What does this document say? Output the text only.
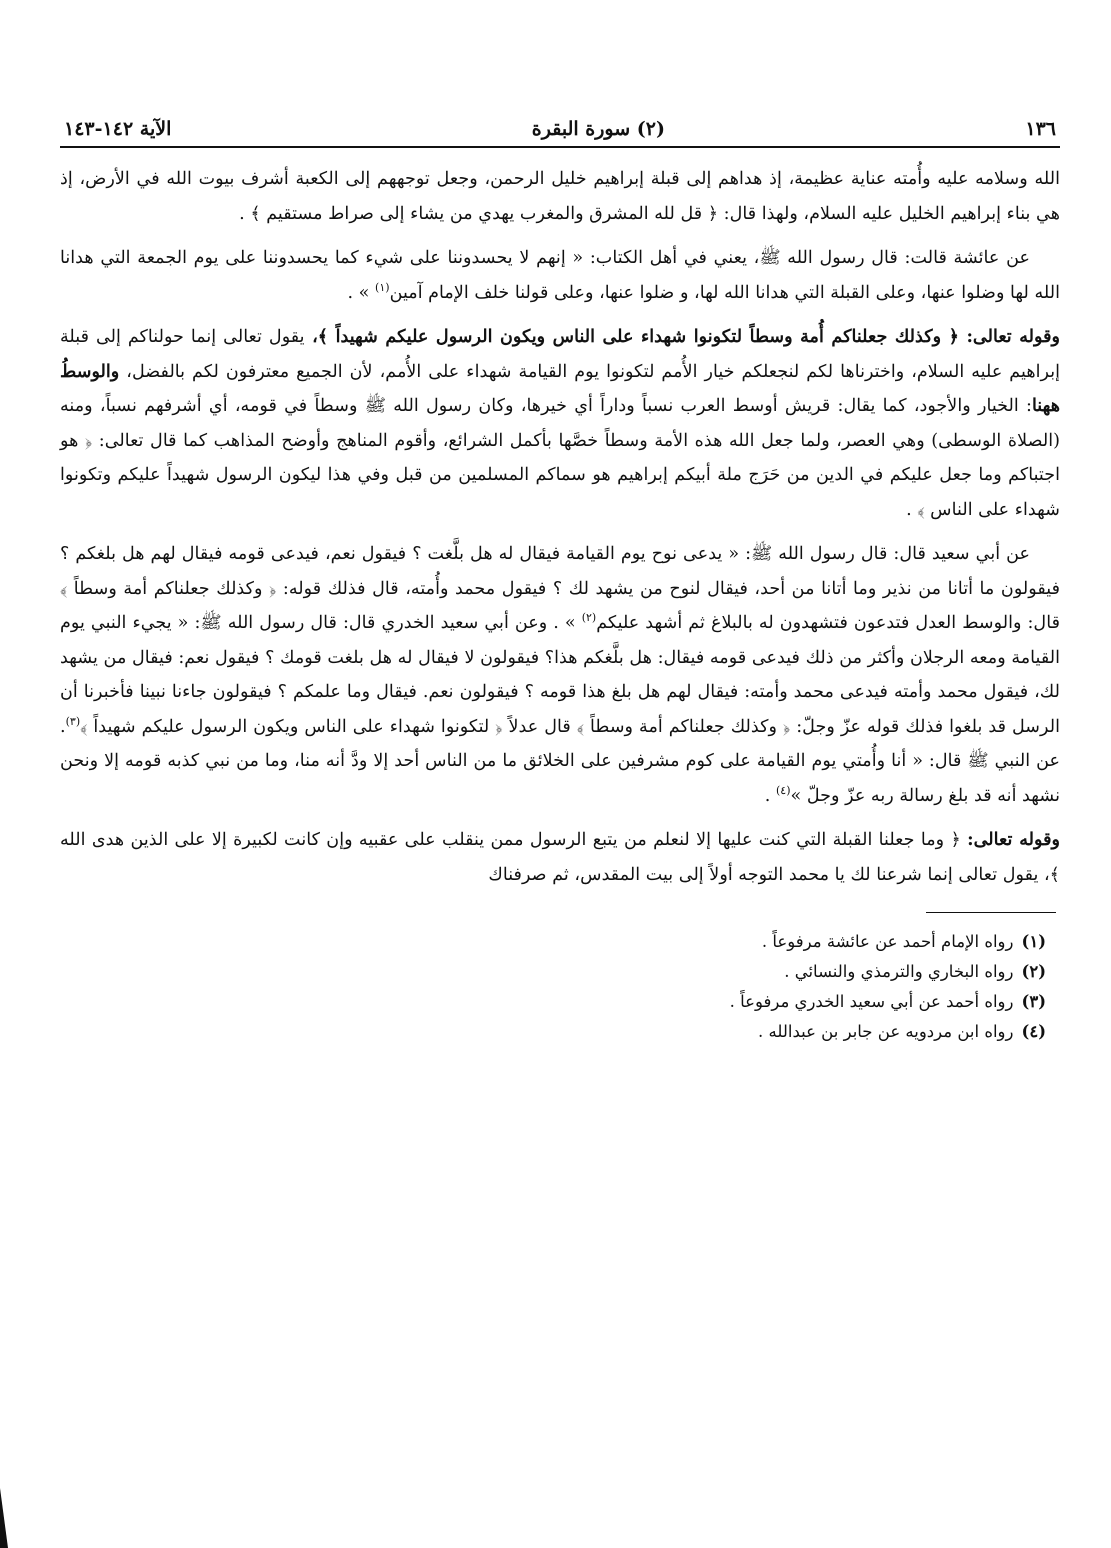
١٣٦
(٢) سورة البقرة
الآية ١٤٢-١٤٣

الله وسلامه عليه وأُمته عناية عظيمة، إذ هداهم إلى قبلة إبراهيم خليل الرحمن، وجعل توجههم إلى الكعبة أشرف بيوت الله في الأرض، إذ هي بناء إبراهيم الخليل عليه السلام، ولهذا قال: ﴿ قل لله المشرق والمغرب يهدي من يشاء إلى صراط مستقيم ﴾ .

عن عائشة قالت: قال رسول الله ﷺ، يعني في أهل الكتاب: « إنهم لا يحسدوننا على شيء كما يحسدوننا على يوم الجمعة التي هدانا الله لها وضلوا عنها، وعلى القبلة التي هدانا الله لها، و ضلوا عنها، وعلى قولنا خلف الإمام آمين$^{(١)}$ » .

وقوله تعالى: ﴿ وكذلك جعلناكم أُمة وسطاً لتكونوا شهداء على الناس ويكون الرسول عليكم شهيداً ﴾، يقول تعالى إنما حولناكم إلى قبلة إبراهيم عليه السلام، واخترناها لكم لنجعلكم خيار الأُمم لتكونوا يوم القيامة شهداء على الأُمم، لأن الجميع معترفون لكم بالفضل، والوسطُ ههنا: الخيار والأجود، كما يقال: قريش أوسط العرب نسباً وداراً أي خيرها، وكان رسول الله ﷺ وسطاً في قومه، أي أشرفهم نسباً، ومنه (الصلاة الوسطى) وهي العصر، ولما جعل الله هذه الأمة وسطاً خصَّها بأكمل الشرائع، وأقوم المناهج وأوضح المذاهب كما قال تعالى: ﴿ هو اجتباكم وما جعل عليكم في الدين من حَرَج ملة أبيكم إبراهيم هو سماكم المسلمين من قبل وفي هذا ليكون الرسول شهيداً عليكم وتكونوا شهداء على الناس ﴾ .

عن أبي سعيد قال: قال رسول الله ﷺ: « يدعى نوح يوم القيامة فيقال له هل بلَّغت ؟ فيقول نعم، فيدعى قومه فيقال لهم هل بلغكم ؟ فيقولون ما أتانا من نذير وما أتانا من أحد، فيقال لنوح من يشهد لك ؟ فيقول محمد وأُمته، قال فذلك قوله: ﴿ وكذلك جعلناكم أمة وسطاً ﴾ قال: والوسط العدل فتدعون فتشهدون له بالبلاغ ثم أشهد عليكم$^{(٢)}$ » . وعن أبي سعيد الخدري قال: قال رسول الله ﷺ: « يجيء النبي يوم القيامة ومعه الرجلان وأكثر من ذلك فيدعى قومه فيقال: هل بلَّغكم هذا؟ فيقولون لا فيقال له هل بلغت قومك ؟ فيقول نعم: فيقال من يشهد لك، فيقول محمد وأمته فيدعى محمد وأمته: فيقال لهم هل بلغ هذا قومه ؟ فيقولون نعم. فيقال وما علمكم ؟ فيقولون جاءنا نبينا فأخبرنا أن الرسل قد بلغوا فذلك قوله عزّ وجلّ: ﴿ وكذلك جعلناكم أمة وسطاً ﴾ قال عدلاً ﴿ لتكونوا شهداء على الناس ويكون الرسول عليكم شهيداً ﴾$^{(٣)}$. عن النبي ﷺ قال: « أنا وأُمتي يوم القيامة على كوم مشرفين على الخلائق ما من الناس أحد إلا ودَّ أنه منا، وما من نبي كذبه قومه إلا ونحن نشهد أنه قد بلغ رسالة ربه عزّ وجلّ »$^{(٤)}$ .

وقوله تعالى: ﴿ وما جعلنا القبلة التي كنت عليها إلا لنعلم من يتبع الرسول ممن ينقلب على عقبيه وإن كانت لكبيرة إلا على الذين هدى الله ﴾، يقول تعالى إنما شرعنا لك يا محمد التوجه أولاً إلى بيت المقدس، ثم صرفناك

(١)رواه الإمام أحمد عن عائشة مرفوعاً .

(٢)رواه البخاري والترمذي والنسائي .

(٣)رواه أحمد عن أبي سعيد الخدري مرفوعاً .

(٤)رواه ابن مردويه عن جابر بن عبدالله .
